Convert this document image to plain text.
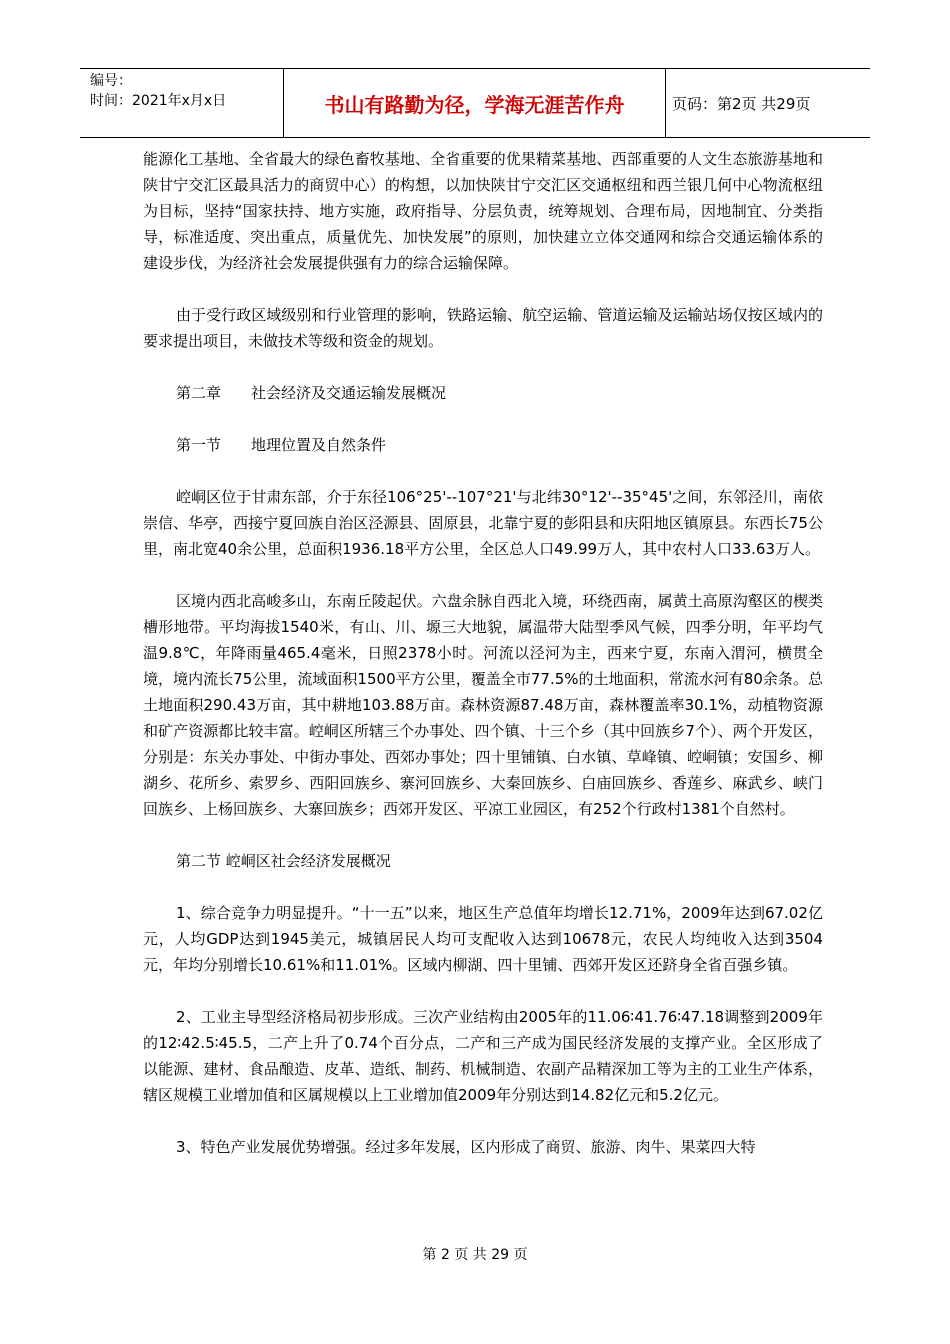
编号：
时间：2021年x月x日	书山有路勤为径，学海无涯苦作舟	页码：第2页 共29页

能源化工基地、全省最大的绿色畜牧基地、全省重要的优果精菜基地、西部重要的人文生态旅游基地和陕甘宁交汇区最具活力的商贸中心）的构想，以加快陕甘宁交汇区交通枢纽和西兰银几何中心物流枢纽为目标，坚持“国家扶持、地方实施，政府指导、分层负责，统筹规划、合理布局，因地制宜、分类指导，标准适度、突出重点，质量优先、加快发展”的原则，加快建立立体交通网和综合交通运输体系的建设步伐，为经济社会发展提供强有力的综合运输保障。

由于受行政区域级别和行业管理的影响，铁路运输、航空运输、管道运输及运输站场仅按区域内的要求提出项目，未做技术等级和资金的规划。

第二章　　社会经济及交通运输发展概况

第一节　　地理位置及自然条件

崆峒区位于甘肃东部，介于东径106°25'--107°21'与北纬30°12'--35°45'之间，东邻泾川，南依崇信、华亭，西接宁夏回族自治区泾源县、固原县，北靠宁夏的彭阳县和庆阳地区镇原县。东西长75公里，南北宽40余公里，总面积1936.18平方公里，全区总人口49.99万人，其中农村人口33.63万人。

区境内西北高峻多山，东南丘陵起伏。六盘余脉自西北入境，环绕西南，属黄土高原沟壑区的楔类槽形地带。平均海拔1540米，有山、川、塬三大地貌，属温带大陆型季风气候，四季分明，年平均气温9.8℃，年降雨量465.4毫米，日照2378小时。河流以泾河为主，西来宁夏，东南入渭河，横贯全境，境内流长75公里，流域面积1500平方公里，覆盖全市77.5%的土地面积，常流水河有80余条。总土地面积290.43万亩，其中耕地103.88万亩。森林资源87.48万亩，森林覆盖率30.1%，动植物资源和矿产资源都比较丰富。崆峒区所辖三个办事处、四个镇、十三个乡（其中回族乡7个）、两个开发区，分别是：东关办事处、中街办事处、西郊办事处；四十里铺镇、白水镇、草峰镇、崆峒镇；安国乡、柳湖乡、花所乡、索罗乡、西阳回族乡、寨河回族乡、大秦回族乡、白庙回族乡、香莲乡、麻武乡、峡门回族乡、上杨回族乡、大寨回族乡；西郊开发区、平凉工业园区，有252个行政村1381个自然村。

第二节 崆峒区社会经济发展概况

1、综合竞争力明显提升。“十一五”以来，地区生产总值年均增长12.71%，2009年达到67.02亿元，人均GDP达到1945美元，城镇居民人均可支配收入达到10678元，农民人均纯收入达到3504元，年均分别增长10.61%和11.01%。区域内柳湖、四十里铺、西郊开发区还跻身全省百强乡镇。

2、工业主导型经济格局初步形成。三次产业结构由2005年的11.06∶41.76∶47.18调整到2009年的12∶42.5∶45.5，二产上升了0.74个百分点，二产和三产成为国民经济发展的支撑产业。全区形成了以能源、建材、食品酿造、皮革、造纸、制药、机械制造、农副产品精深加工等为主的工业生产体系，辖区规模工业增加值和区属规模以上工业增加值2009年分别达到14.82亿元和5.2亿元。

3、特色产业发展优势增强。经过多年发展，区内形成了商贸、旅游、肉牛、果菜四大特

第 2 页 共 29 页
